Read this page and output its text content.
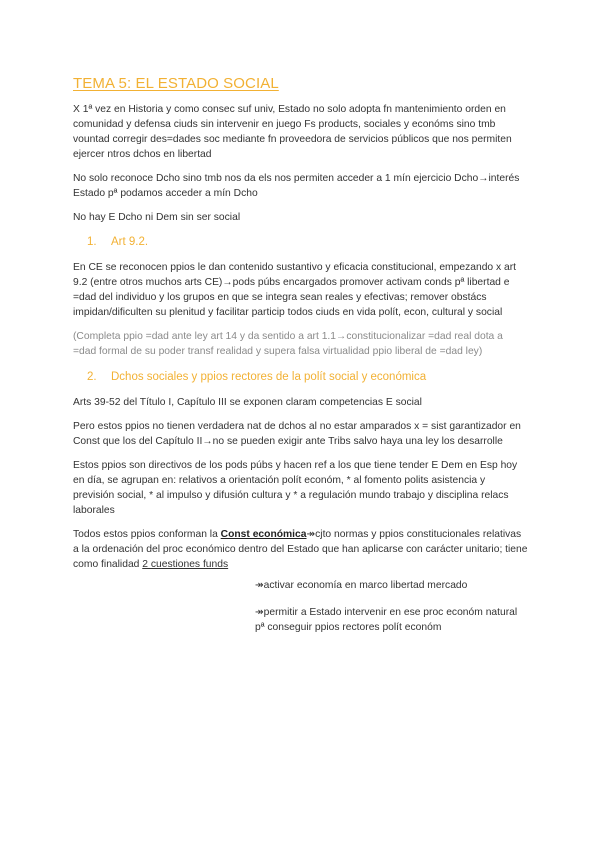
TEMA 5: EL ESTADO SOCIAL

X 1ª vez en Historia y como consec suf univ, Estado no solo adopta fn mantenimiento orden en comunidad y defensa ciuds sin intervenir en juego Fs products, sociales y económs sino tmb vountad corregir des=dades soc mediante fn proveedora de servicios públicos que nos permiten ejercer ntros dchos en libertad

No solo reconoce Dcho sino tmb nos da els nos permiten acceder a 1 mín ejercicio Dcho→interés Estado pª podamos acceder a mín Dcho

No hay E Dcho ni Dem sin ser social

1.	Art 9.2.

En CE se reconocen ppios le dan contenido sustantivo y eficacia constitucional, empezando x art 9.2 (entre otros muchos arts CE)→pods púbs encargados promover activam conds pª libertad e =dad del individuo y los grupos en que se integra sean reales y efectivas; remover obstács impidan/dificulten su plenitud y facilitar particip todos ciuds en vida polít, econ, cultural y social

(Completa ppio =dad ante ley art 14 y da sentido a art 1.1→constitucionalizar =dad real dota a =dad formal de su poder transf realidad y supera falsa virtualidad ppio liberal de =dad ley)

2.	Dchos sociales y ppios rectores de la polít social y económica

Arts 39-52 del Título I, Capítulo III se exponen claram competencias E social

Pero estos ppios no tienen verdadera nat de dchos al no estar amparados x = sist garantizador en Const que los del Capítulo II→no se pueden exigir ante Tribs salvo haya una ley los desarrolle

Estos ppios son directivos de los pods púbs y hacen ref a los que tiene tender E Dem en Esp hoy en día, se agrupan en: relativos a orientación polít económ, * al fomento polits asistencia y previsión social, * al impulso y difusión cultura y * a regulación mundo trabajo y disciplina relacs laborales

Todos estos ppios conforman la Const económica↠cjto normas y ppios constitucionales relativas a la ordenación del proc económico dentro del Estado que han aplicarse con carácter unitario; tiene como finalidad 2 cuestiones funds

↠activar economía en marco libertad mercado

↠permitir a Estado intervenir en ese proc económ natural pª conseguir ppios rectores polít económ
